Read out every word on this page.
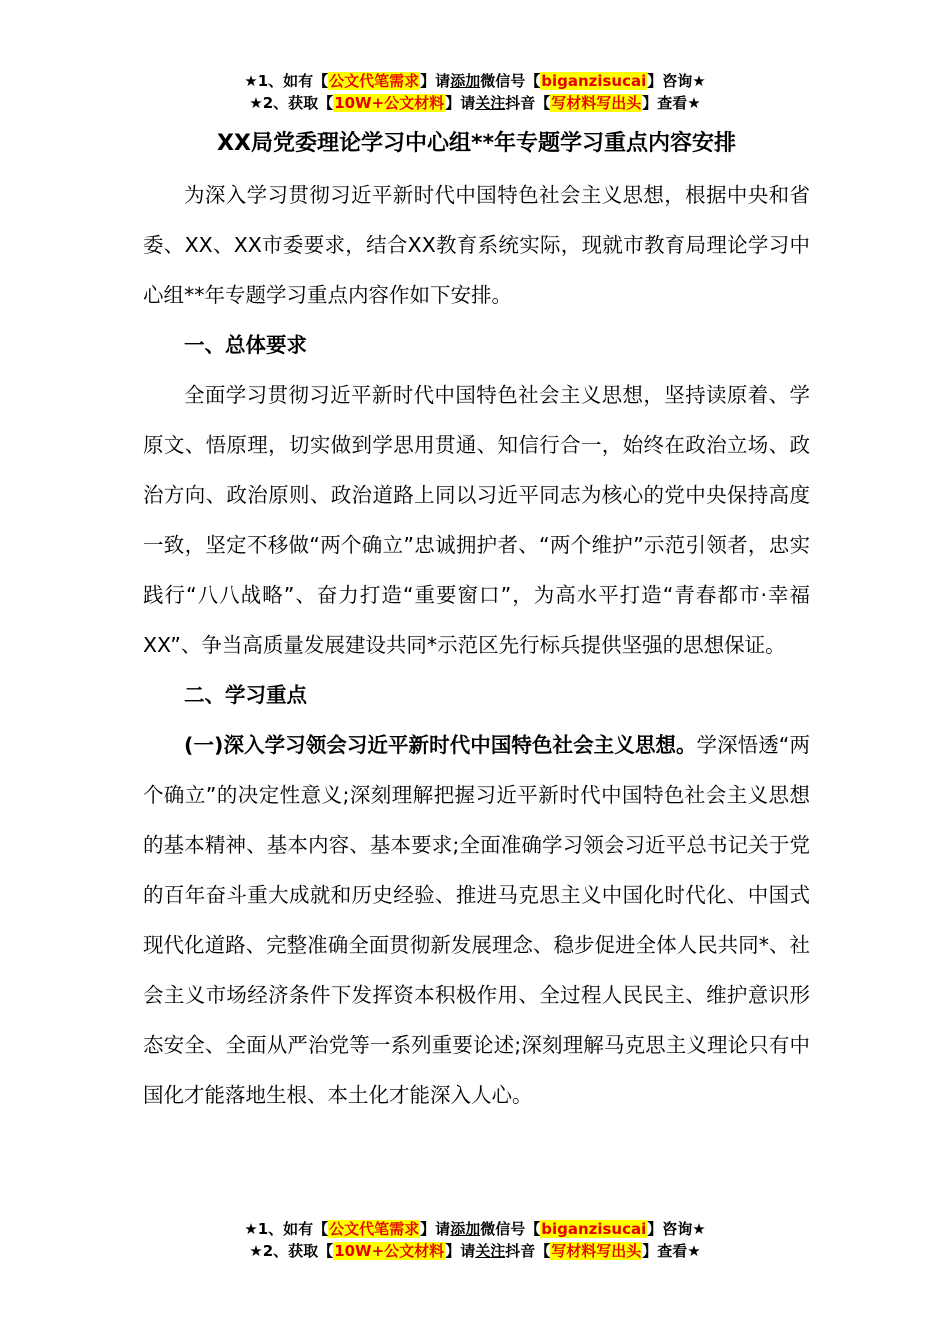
★1、如有【公文代笔需求】请添加微信号【biganzisucai】咨询★
★2、获取【10W+公文材料】请关注抖音【写材料写出头】查看★
XX局党委理论学习中心组**年专题学习重点内容安排

为深入学习贯彻习近平新时代中国特色社会主义思想，根据中央和省委、XX、XX市委要求，结合XX教育系统实际，现就市教育局理论学习中心组**年专题学习重点内容作如下安排。

一、总体要求

全面学习贯彻习近平新时代中国特色社会主义思想，坚持读原着、学原文、悟原理，切实做到学思用贯通、知信行合一，始终在政治立场、政治方向、政治原则、政治道路上同以习近平同志为核心的党中央保持高度一致，坚定不移做“两个确立”忠诚拥护者、“两个维护”示范引领者，忠实践行“八八战略”、奋力打造“重要窗口”，为高水平打造“青春都市·幸福XX”、争当高质量发展建设共同*示范区先行标兵提供坚强的思想保证。

二、学习重点

(一)深入学习领会习近平新时代中国特色社会主义思想。学深悟透“两个确立”的决定性意义;深刻理解把握习近平新时代中国特色社会主义思想的基本精神、基本内容、基本要求;全面准确学习领会习近平总书记关于党的百年奋斗重大成就和历史经验、推进马克思主义中国化时代化、中国式现代化道路、完整准确全面贯彻新发展理念、稳步促进全体人民共同*、社会主义市场经济条件下发挥资本积极作用、全过程人民民主、维护意识形态安全、全面从严治党等一系列重要论述;深刻理解马克思主义理论只有中国化才能落地生根、本土化才能深入人心。

★1、如有【公文代笔需求】请添加微信号【biganzisucai】咨询★
★2、获取【10W+公文材料】请关注抖音【写材料写出头】查看★
